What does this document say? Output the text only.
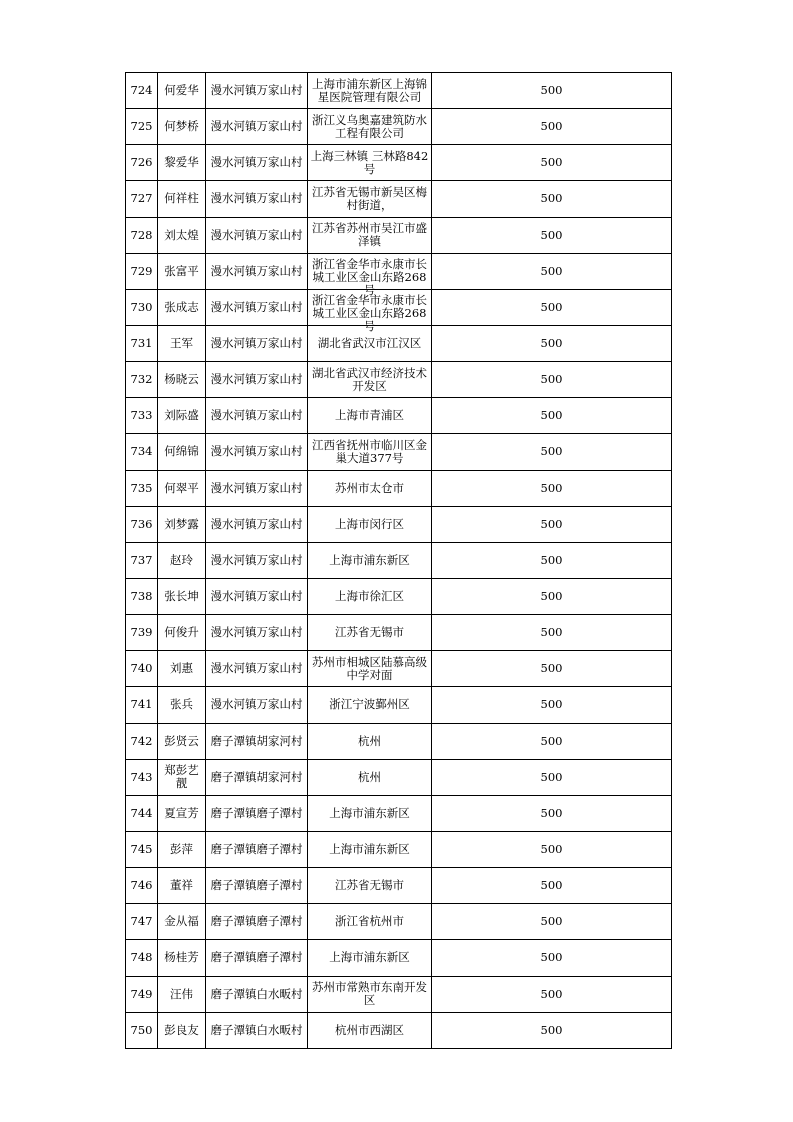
724	何爱华	漫水河镇万家山村	上海市浦东新区上海锦星医院管理有限公司	500

725	何梦桥	漫水河镇万家山村	浙江义乌奥嘉建筑防水工程有限公司	500

726	黎爱华	漫水河镇万家山村	上海三林镇 三林路842号	500

727	何祥柱	漫水河镇万家山村	江苏省无锡市新吴区梅村街道，	500

728	刘太煌	漫水河镇万家山村	江苏省苏州市吴江市盛泽镇	500

729	张富平	漫水河镇万家山村	浙江省金华市永康市长城工业区金山东路268号	500

730	张成志	漫水河镇万家山村	浙江省金华市永康市长城工业区金山东路268号	500

731	王军	漫水河镇万家山村	湖北省武汉市江汉区	500

732	杨晓云	漫水河镇万家山村	湖北省武汉市经济技术开发区	500

733	刘际盛	漫水河镇万家山村	上海市青浦区	500

734	何绵锦	漫水河镇万家山村	江西省抚州市临川区金巢大道377号	500

735	何翠平	漫水河镇万家山村	苏州市太仓市	500

736	刘梦露	漫水河镇万家山村	上海市闵行区	500

737	赵玲	漫水河镇万家山村	上海市浦东新区	500

738	张长坤	漫水河镇万家山村	上海市徐汇区	500

739	何俊升	漫水河镇万家山村	江苏省无锡市	500

740	刘惠	漫水河镇万家山村	苏州市相城区陆慕高级中学对面	500

741	张兵	漫水河镇万家山村	浙江宁波鄞州区	500

742	彭贤云	磨子潭镇胡家河村	杭州	500

743	郑彭艺靓	磨子潭镇胡家河村	杭州	500

744	夏宣芳	磨子潭镇磨子潭村	上海市浦东新区	500

745	彭萍	磨子潭镇磨子潭村	上海市浦东新区	500

746	董祥	磨子潭镇磨子潭村	江苏省无锡市	500

747	金从福	磨子潭镇磨子潭村	浙江省杭州市	500

748	杨桂芳	磨子潭镇磨子潭村	上海市浦东新区	500

749	汪伟	磨子潭镇白水畈村	苏州市常熟市东南开发区	500

750	彭良友	磨子潭镇白水畈村	杭州市西湖区	500
